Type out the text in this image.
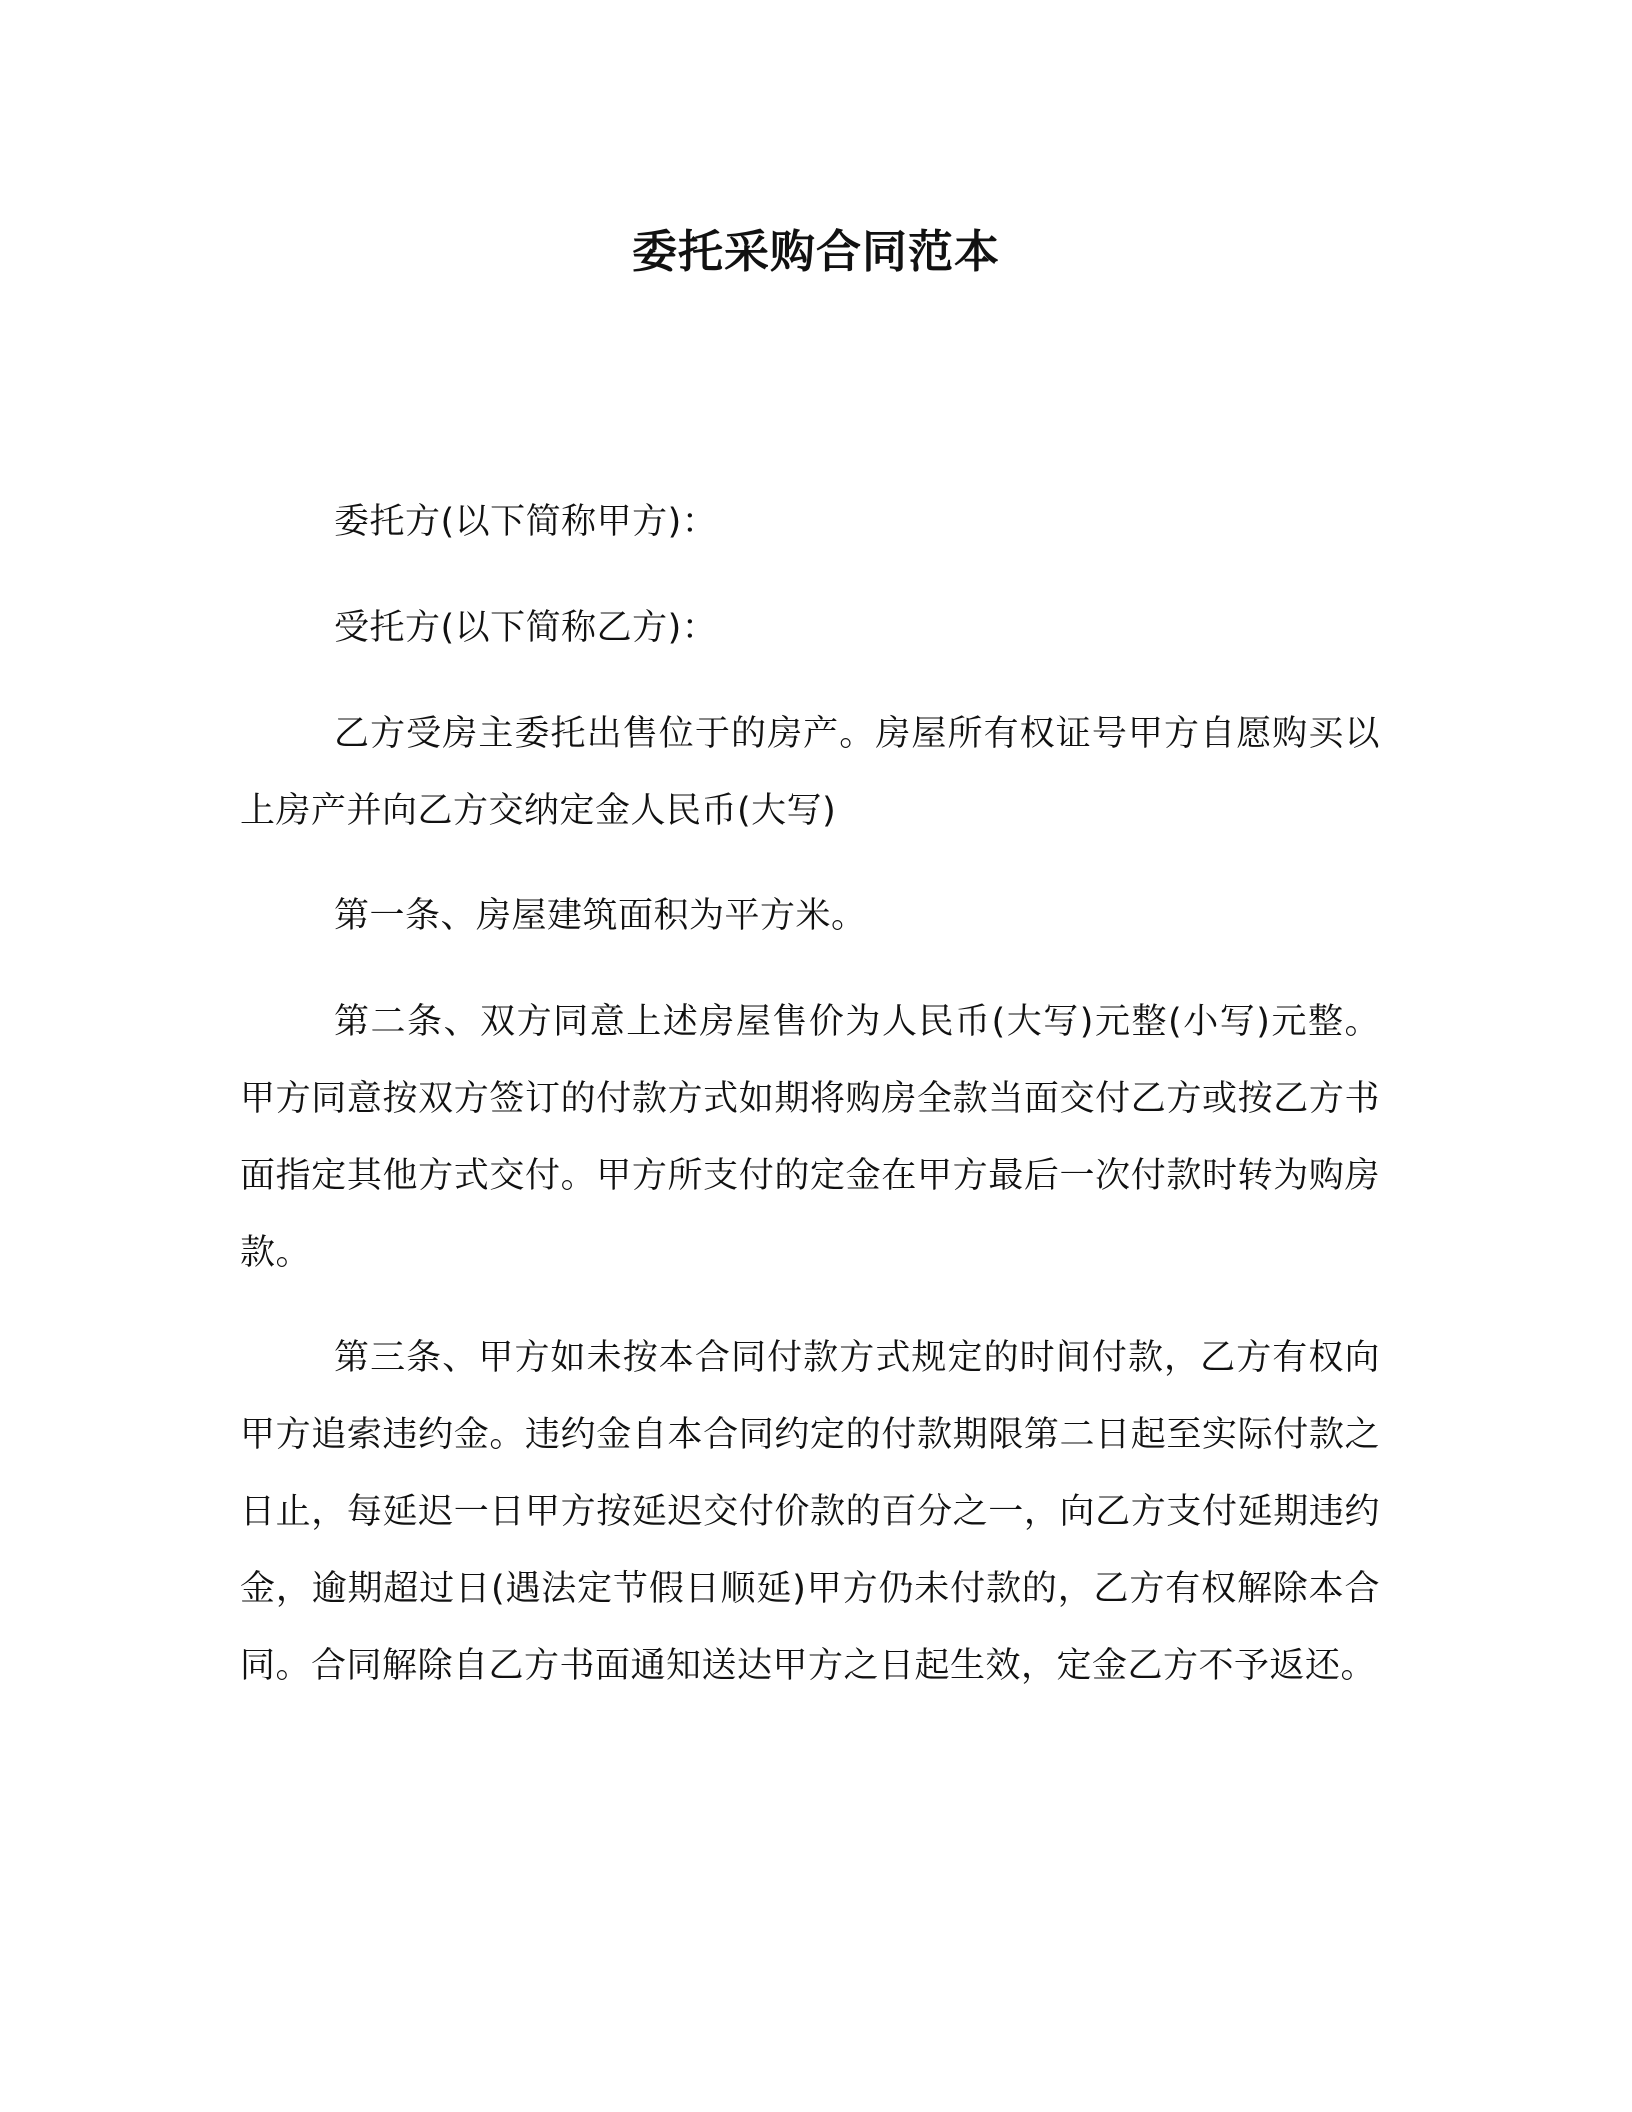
委托采购合同范本

委托方(以下简称甲方)：

受托方(以下简称乙方)：

乙方受房主委托出售位于的房产。房屋所有权证号甲方自愿购买以上房产并向乙方交纳定金人民币(大写)

第一条、房屋建筑面积为平方米。

第二条、双方同意上述房屋售价为人民币(大写)元整(小写)元整。甲方同意按双方签订的付款方式如期将购房全款当面交付乙方或按乙方书面指定其他方式交付。甲方所支付的定金在甲方最后一次付款时转为购房款。

第三条、甲方如未按本合同付款方式规定的时间付款，乙方有权向甲方追索违约金。违约金自本合同约定的付款期限第二日起至实际付款之日止，每延迟一日甲方按延迟交付价款的百分之一，向乙方支付延期违约金，逾期超过日(遇法定节假日顺延)甲方仍未付款的，乙方有权解除本合同。合同解除自乙方书面通知送达甲方之日起生效，定金乙方不予返还。
